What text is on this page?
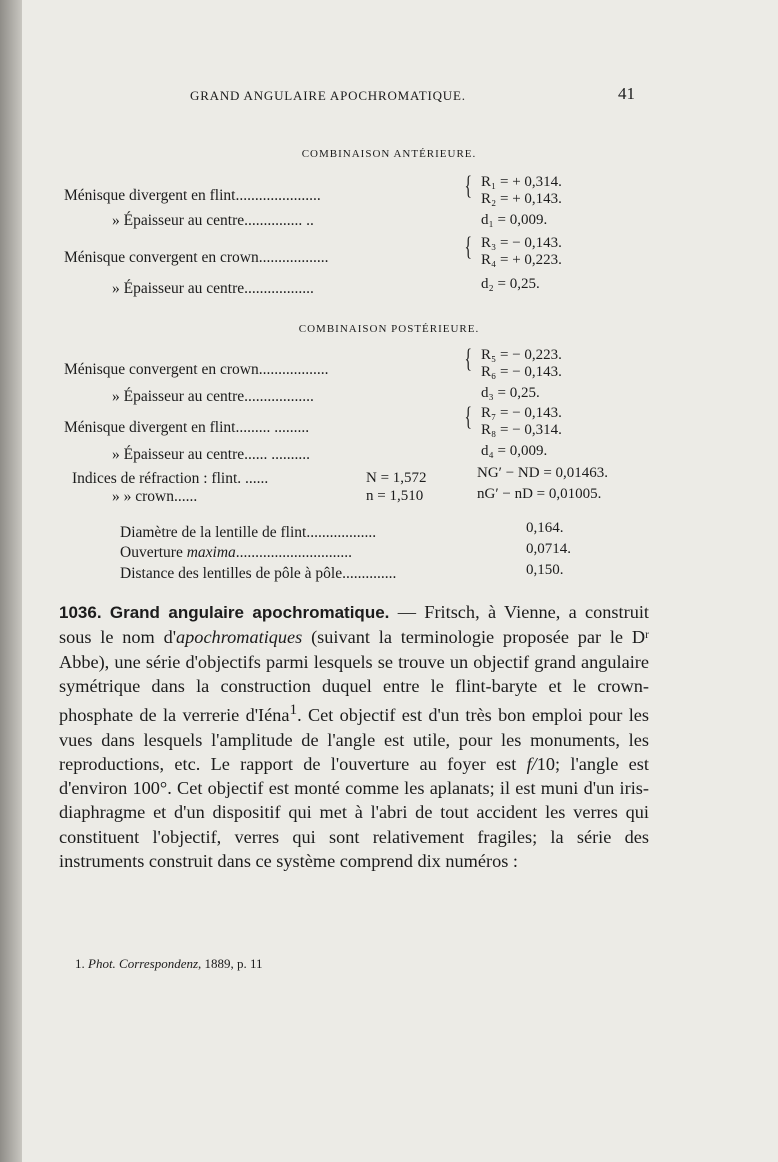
GRAND ANGULAIRE APOCHROMATIQUE.	41
COMBINAISON ANTÉRIEURE.
Ménisque divergent en flint......................	{ R₁ = + 0,314.
R₂ = + 0,143.
» Épaisseur au centre............... ..	d₁ = 0,009.
Ménisque convergent en crown..................	{ R₃ = − 0,143.
R₄ = + 0,223.
» Épaisseur au centre..................	d₂ = 0,25.
COMBINAISON POSTÉRIEURE.
Ménisque convergent en crown..................	{ R₅ = − 0,223.
R₆ = − 0,143.
» Épaisseur au centre..................	d₃ = 0,25.
Ménisque divergent en flint......... .........	{ R₇ = − 0,143.
R₈ = − 0,314.
» Épaisseur au centre...... ..........	d₄ = 0,009.
Indices de réfraction : flint. ......	N = 1,572	NG′ − ND = 0,01463.
» » crown......	n = 1,510	nG′ − nD = 0,01005.
Diamètre de la lentille de flint..................	0,164.
Ouverture maxima..............................	0,0714.
Distance des lentilles de pôle à pôle..............	0,150.
1036. Grand angulaire apochromatique. — Fritsch, à Vienne, a construit sous le nom d'apochromatiques (suivant la terminologie proposée par le Dʳ Abbe), une série d'objectifs parmi lesquels se trouve un objectif grand angulaire symétrique dans la construction duquel entre le flint-baryte et le crown-phosphate de la verrerie d'Iéna$^1$. Cet objectif est d'un très bon emploi pour les vues dans lesquels l'amplitude de l'angle est utile, pour les monuments, les reproductions, etc. Le rapport de l'ouverture au foyer est f/10; l'angle est d'environ 100°. Cet objectif est monté comme les aplanats; il est muni d'un iris-diaphragme et d'un dispositif qui met à l'abri de tout accident les verres qui constituent l'objectif, verres qui sont relativement fragiles; la série des instruments construit dans ce système comprend dix numéros :
1. Phot. Correspondenz, 1889, p. 11
